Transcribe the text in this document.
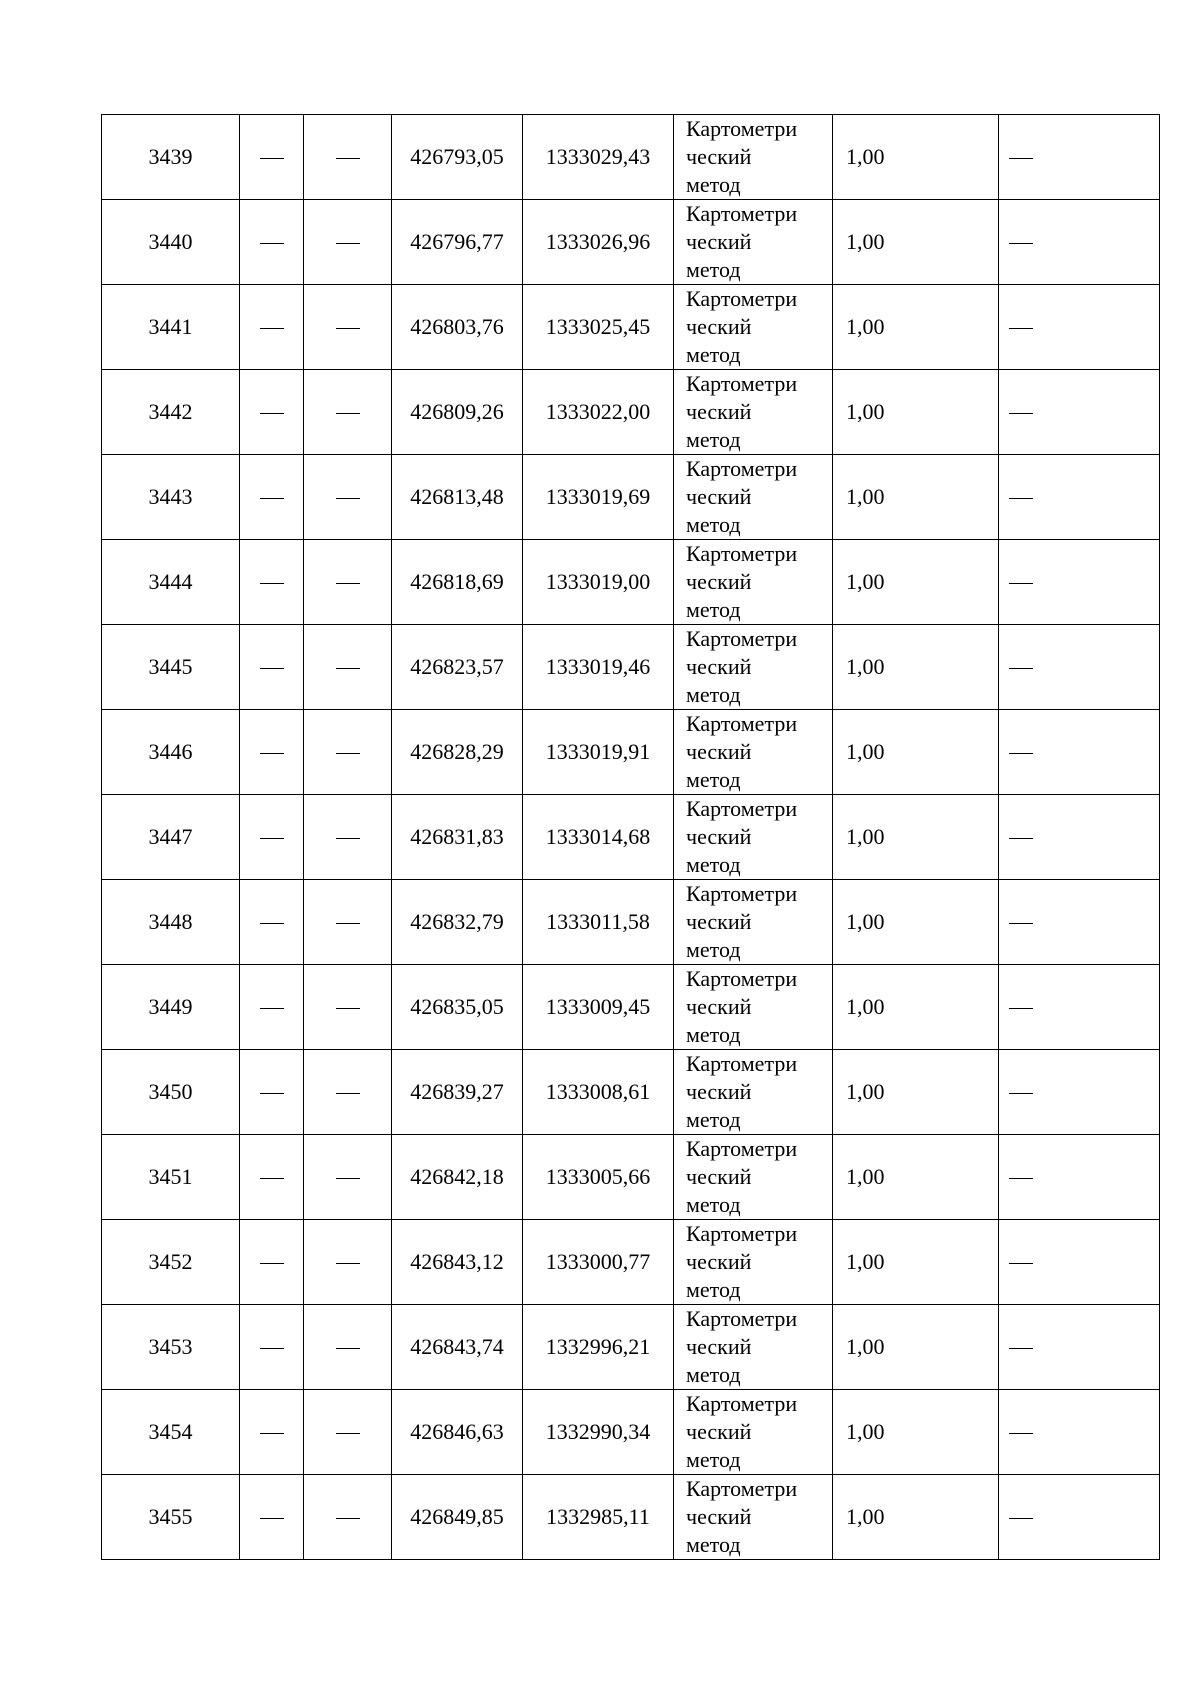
3439			426793,05	1333029,43	Картометри
ческий
метод	1,00	
3440			426796,77	1333026,96	Картометри
ческий
метод	1,00	
3441			426803,76	1333025,45	Картометри
ческий
метод	1,00	
3442			426809,26	1333022,00	Картометри
ческий
метод	1,00	
3443			426813,48	1333019,69	Картометри
ческий
метод	1,00	
3444			426818,69	1333019,00	Картометри
ческий
метод	1,00	
3445			426823,57	1333019,46	Картометри
ческий
метод	1,00	
3446			426828,29	1333019,91	Картометри
ческий
метод	1,00	
3447			426831,83	1333014,68	Картометри
ческий
метод	1,00	
3448			426832,79	1333011,58	Картометри
ческий
метод	1,00	
3449			426835,05	1333009,45	Картометри
ческий
метод	1,00	
3450			426839,27	1333008,61	Картометри
ческий
метод	1,00	
3451			426842,18	1333005,66	Картометри
ческий
метод	1,00	
3452			426843,12	1333000,77	Картометри
ческий
метод	1,00	
3453			426843,74	1332996,21	Картометри
ческий
метод	1,00	
3454			426846,63	1332990,34	Картометри
ческий
метод	1,00	
3455			426849,85	1332985,11	Картометри
ческий
метод	1,00	
